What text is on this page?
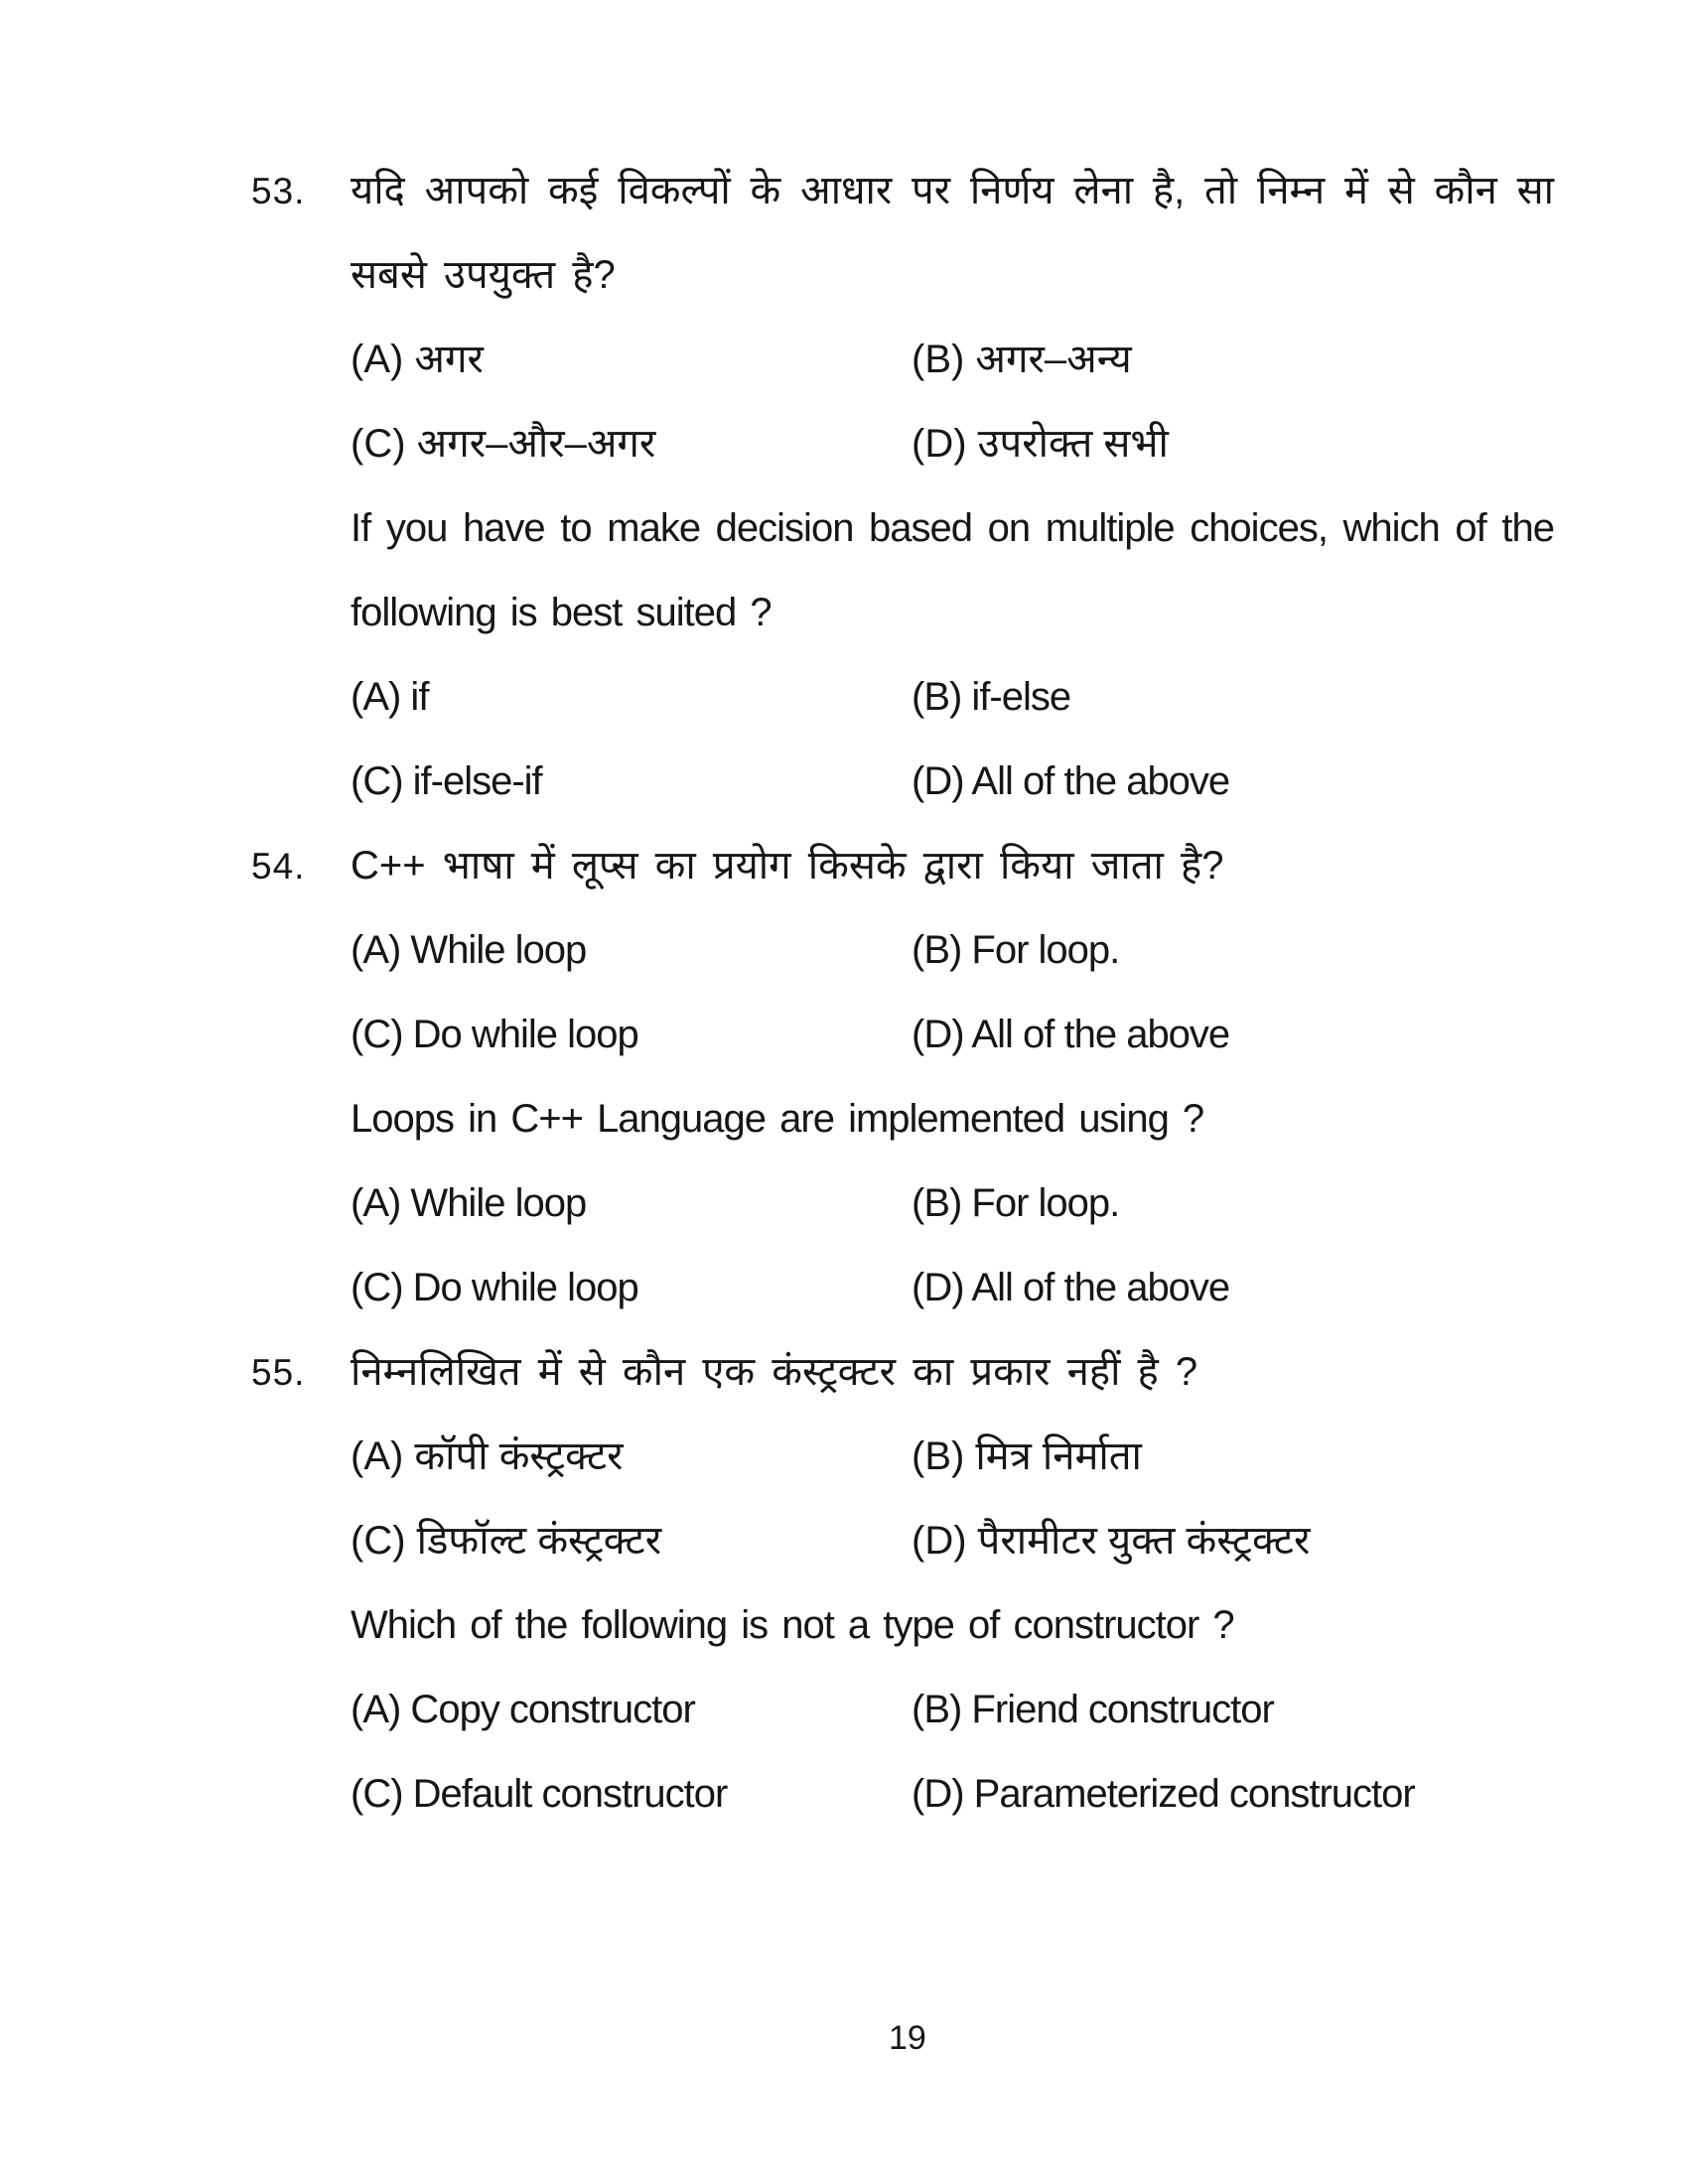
53.	यदि आपको कई विकल्पों के आधार पर निर्णय लेना है, तो निम्न में से कौन सा सबसे उपयुक्त है?

(A) अगर	(B) अगर–अन्य
(C) अगर–और–अगर	(D) उपरोक्त सभी

If you have to make decision based on multiple choices, which of the following is best suited ?

(A) if	(B) if-else
(C) if-else-if	(D) All of the above
54.	C++ भाषा में लूप्स का प्रयोग किसके द्वारा किया जाता है?

(A) While loop	(B) For loop.
(C) Do while loop	(D) All of the above

Loops in C++ Language are implemented using ?

(A) While loop	(B) For loop.
(C) Do while loop	(D) All of the above
55.	निम्नलिखित में से कौन एक कंस्ट्रक्टर का प्रकार नहीं है ?

(A) कॉपी कंस्ट्रक्टर	(B) मित्र निर्माता
(C) डिफॉल्ट कंस्ट्रक्टर	(D) पैरामीटर युक्त कंस्ट्रक्टर

Which of the following is not a type of constructor ?

(A) Copy constructor	(B) Friend constructor
(C) Default constructor	(D) Parameterized constructor
19
